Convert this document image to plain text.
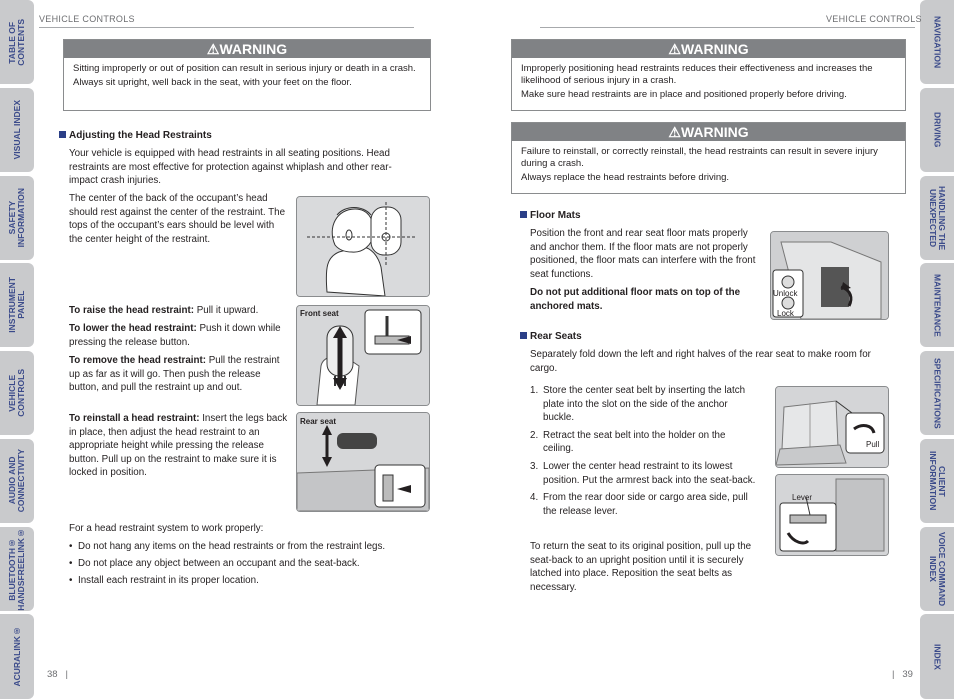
TABLE OF
CONTENTS
VISUAL INDEX
SAFETY
INFORMATION
INSTRUMENT
PANEL
VEHICLE
CONTROLS
AUDIO AND
CONNECTIVITY
BLUETOOTH®
HANDSFREELINK®
ACURALINK®
NAVIGATION
DRIVING
HANDLING THE
UNEXPECTED
MAINTENANCE
SPECIFICATIONS
CLIENT
INFORMATION
VOICE COMMAND
INDEX
INDEX
VEHICLE CONTROLS	VEHICLE CONTROLS
⚠WARNING

Sitting improperly or out of position can result in serious injury or death in a crash.

Always sit upright, well back in the seat, with your feet on the floor.

Adjusting the Head Restraints
Your vehicle is equipped with head restraints in all seating positions. Head restraints are most effective for protection against whiplash and other rear-impact crash injuries.
The center of the back of the occupant’s head should rest against the center of the restraint. The tops of the occupant’s ears should be level with the center height of the restraint.
To raise the head restraint: Pull it upward.
To lower the head restraint: Push it down while pressing the release button.
To remove the head restraint: Pull the restraint up as far as it will go. Then push the release button, and pull the restraint up and out.
To reinstall a head restraint: Insert the legs back in place, then adjust the head restraint to an appropriate height while pressing the release button. Pull up on the restraint to make sure it is locked in position.
Front seat
Rear seat
For a head restraint system to work properly:
• Do not hang any items on the head restraints or from the restraint legs.
• Do not place any object between an occupant and the seat-back.
• Install each restraint in its proper location.
38   |	|   39
⚠WARNING

Improperly positioning head restraints reduces their effectiveness and increases the likelihood of serious injury in a crash.

Make sure head restraints are in place and positioned properly before driving.

⚠WARNING

Failure to reinstall, or correctly reinstall, the head restraints can result in severe injury during a crash.

Always replace the head restraints before driving.

Floor Mats
Position the front and rear seat floor mats properly and anchor them. If the floor mats are not properly positioned, the floor mats can interfere with the front seat functions.
Do not put additional floor mats on top of the anchored mats.
Unlock
Lock
Rear Seats
Separately fold down the left and right halves of the rear seat to make room for cargo.
1. Store the center seat belt by inserting the latch plate into the slot on the side of the anchor buckle.
2. Retract the seat belt into the holder on the ceiling.
3. Lower the center head restraint to its lowest position. Put the armrest back into the seat-back.
4. From the rear door side or cargo area side, pull the release lever.
To return the seat to its original position, pull up the seat-back to an upright position until it is securely latched into place. Reposition the seat belts as necessary.
Pull
Lever
